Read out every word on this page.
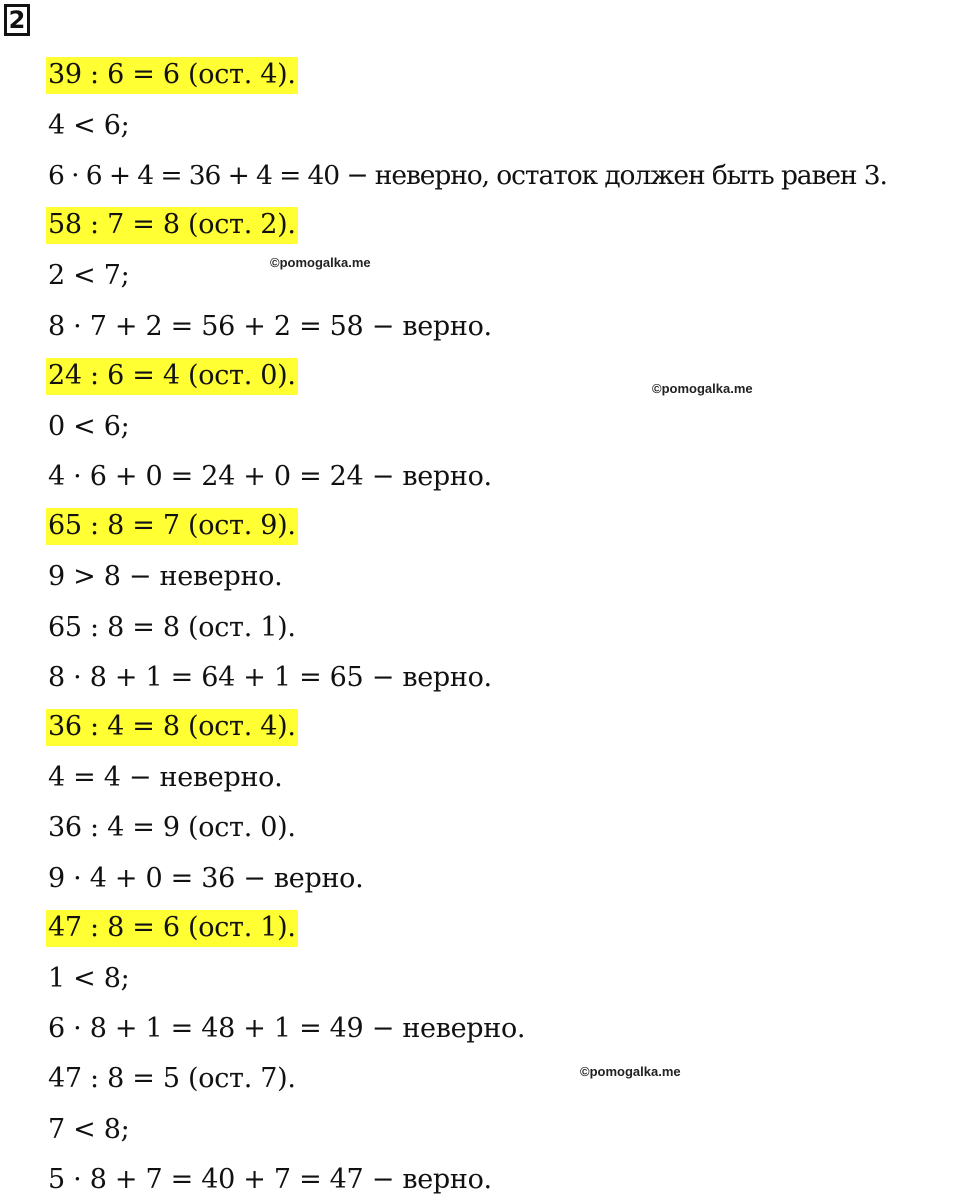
2
39 : 6 = 6 (ост. 4).
4 < 6;
6 · 6 + 4 = 36 + 4 = 40 − неверно, остаток должен быть равен 3.
58 : 7 = 8 (ост. 2).
2 < 7;
8 · 7 + 2 = 56 + 2 = 58 − верно.
24 : 6 = 4 (ост. 0).
0 < 6;
4 · 6 + 0 = 24 + 0 = 24 − верно.
65 : 8 = 7 (ост. 9).
9 > 8 − неверно.
65 : 8 = 8 (ост. 1).
8 · 8 + 1 = 64 + 1 = 65 − верно.
36 : 4 = 8 (ост. 4).
4 = 4 − неверно.
36 : 4 = 9 (ост. 0).
9 · 4 + 0 = 36 − верно.
47 : 8 = 6 (ост. 1).
1 < 8;
6 · 8 + 1 = 48 + 1 = 49 − неверно.
47 : 8 = 5 (ост. 7).
7 < 8;
5 · 8 + 7 = 40 + 7 = 47 − верно.
©pomogalka.me
©pomogalka.me
©pomogalka.me
